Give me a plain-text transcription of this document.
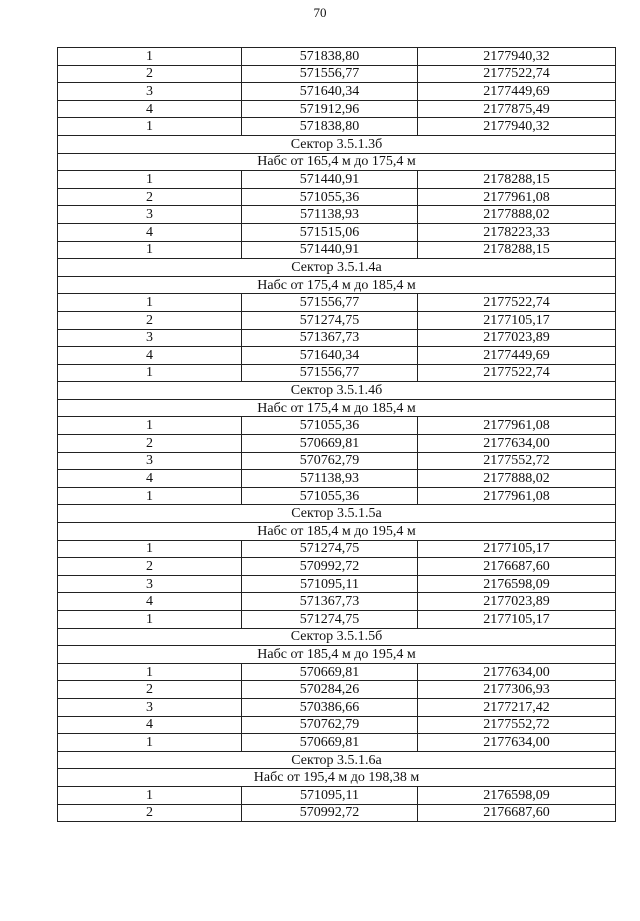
70
1	571838,80	2177940,32
2	571556,77	2177522,74
3	571640,34	2177449,69
4	571912,96	2177875,49
1	571838,80	2177940,32
Сектор 3.5.1.3б		
Набс от 165,4 м до 175,4 м		
1	571440,91	2178288,15
2	571055,36	2177961,08
3	571138,93	2177888,02
4	571515,06	2178223,33
1	571440,91	2178288,15
Сектор 3.5.1.4а		
Набс от 175,4 м до 185,4 м		
1	571556,77	2177522,74
2	571274,75	2177105,17
3	571367,73	2177023,89
4	571640,34	2177449,69
1	571556,77	2177522,74
Сектор 3.5.1.4б		
Набс от 175,4 м до 185,4 м		
1	571055,36	2177961,08
2	570669,81	2177634,00
3	570762,79	2177552,72
4	571138,93	2177888,02
1	571055,36	2177961,08
Сектор 3.5.1.5а		
Набс от 185,4 м до 195,4 м		
1	571274,75	2177105,17
2	570992,72	2176687,60
3	571095,11	2176598,09
4	571367,73	2177023,89
1	571274,75	2177105,17
Сектор 3.5.1.5б		
Набс от 185,4 м до 195,4 м		
1	570669,81	2177634,00
2	570284,26	2177306,93
3	570386,66	2177217,42
4	570762,79	2177552,72
1	570669,81	2177634,00
Сектор 3.5.1.6а		
Набс от 195,4 м до 198,38 м		
1	571095,11	2176598,09
2	570992,72	2176687,60
